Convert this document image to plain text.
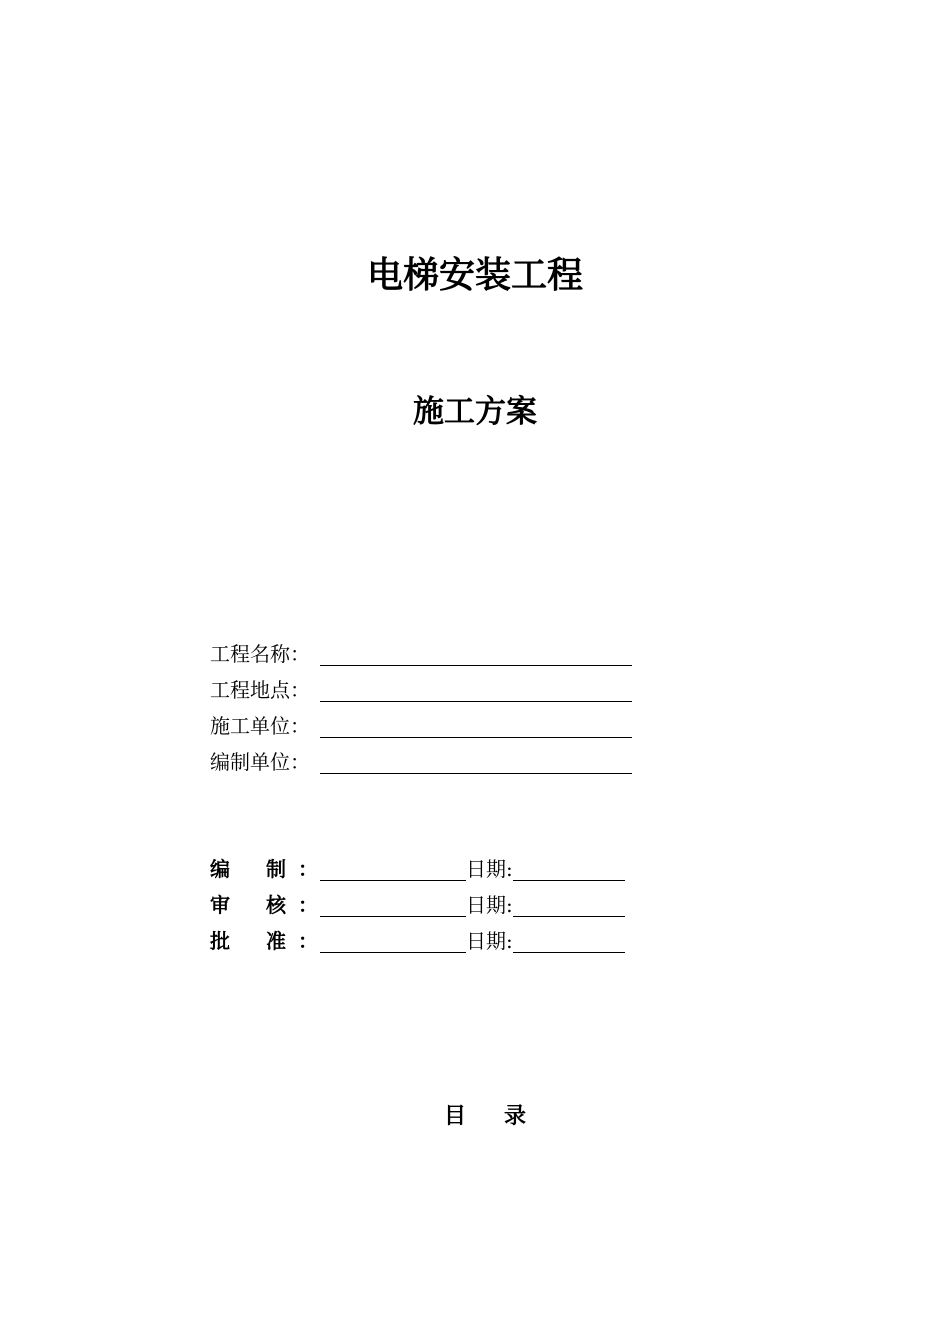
电梯安装工程
施工方案
工程名称：
工程地点：
施工单位：
编制单位：
编 制 ：	日期:
审 核 ：	日期:
批 准 ：	日期:
目 录
